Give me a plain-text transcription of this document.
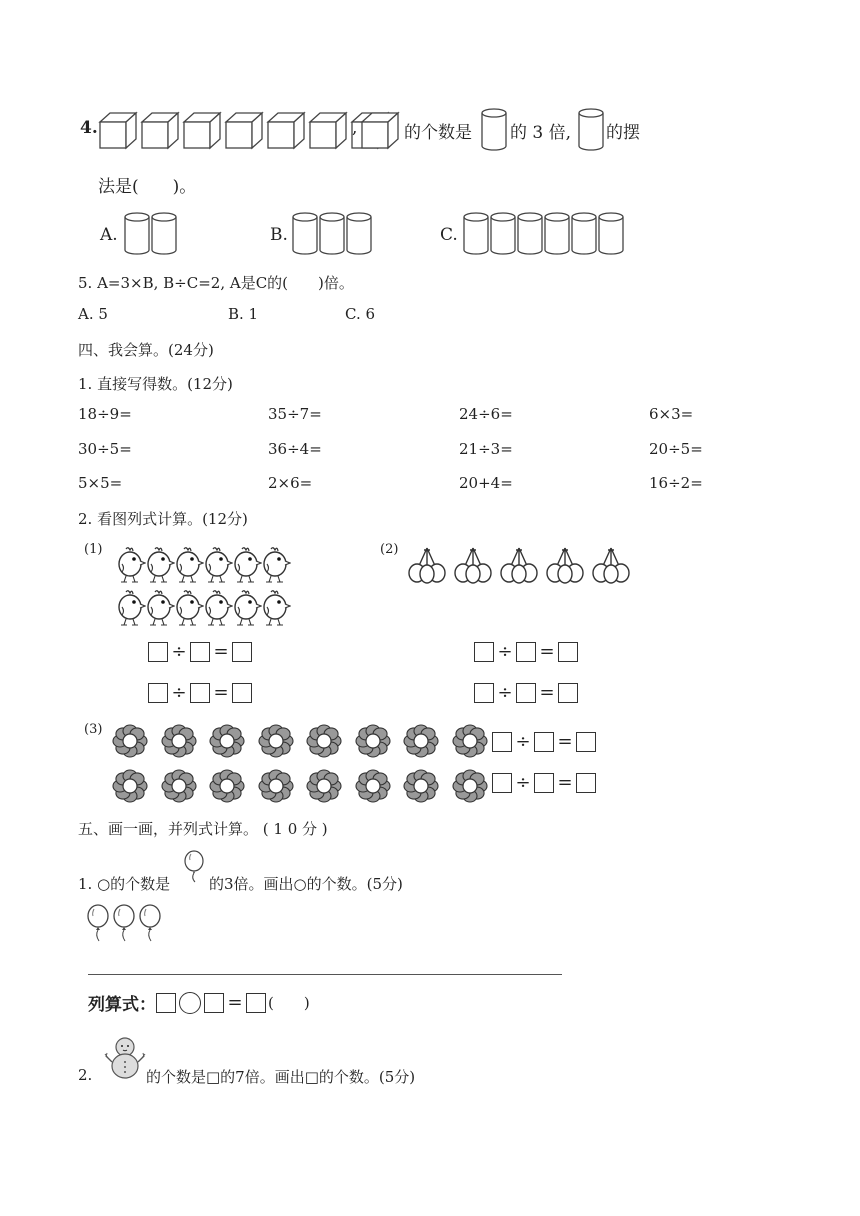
4.	,	的个数是 的 3 倍, 的摆
法是(　　)。
A.	B.	C.
5. A=3×B, B÷C=2, A是C的(　　)倍。
A. 5	B. 1	C. 6
四、我会算。(24分)
1. 直接写得数。(12分)
18÷9=	35÷7=	24÷6=	6×3=
30÷5=	36÷4=	21÷3=	20÷5=
5×5=	2×6=	20+4=	16÷2=
2. 看图列式计算。(12分)
(1)	(2)
(3)
÷ =
÷ =
÷ =
÷ =
÷ =
÷ =
五、画一画，并列式计算。 ( 1 0 分 )
1. ○的个数是	的3倍。画出○的个数。(5分)
列算式：	= (　　)
2.	的个数是□的7倍。画出□的个数。(5分)
